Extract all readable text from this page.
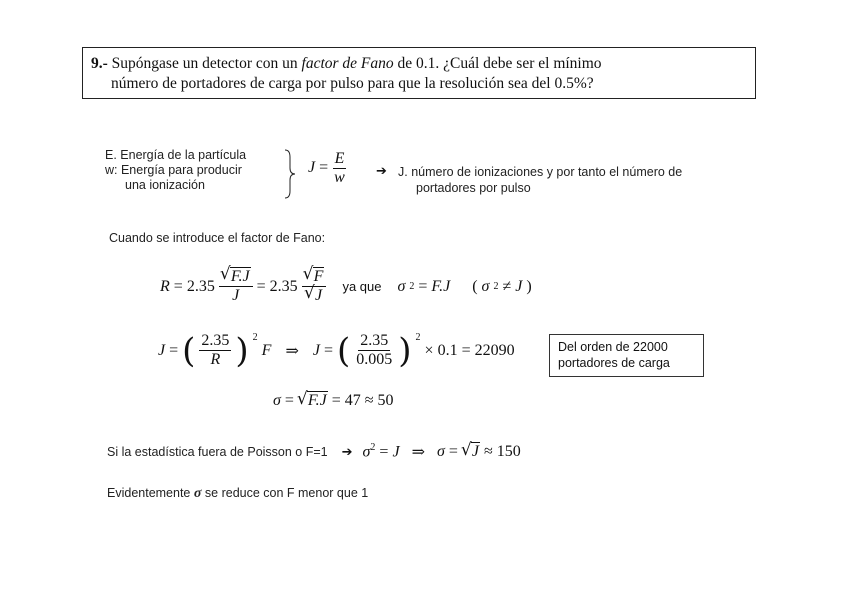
9.- Supóngase un detector con un factor de Fano de 0.1. ¿Cuál debe ser el mínimo
número de portadores de carga por pulso para que la resolución sea del 0.5%?
E. Energía de la partícula
w: Energía para producir
una ionización
$J = \frac{E}{w}$ ➔ J. número de ionizaciones y por tanto el número de
portadores por pulso
Cuando se introduce el factor de Fano:
R = 2.35 √ $\frac{F.J}{J} = 2.35$ √ F
√ J ya que σ 2 = F.J ( σ 2 ≠ J )
J = ( $\frac{2.35}{R}$ ) $^2$
F ⇒ J = ( $\frac{2.35}{0.005}$ ) $^2$
× 0.1 = 22090	Del orden de 22000
portadores de carga
σ = √ F.J = 47 ≈ 50
Si la estadística fuera de Poisson o F=1 ➔ $\sigma^2 = J$ ⇒ σ = √ J ≈ 150
Evidentemente σ se reduce con F menor que 1
